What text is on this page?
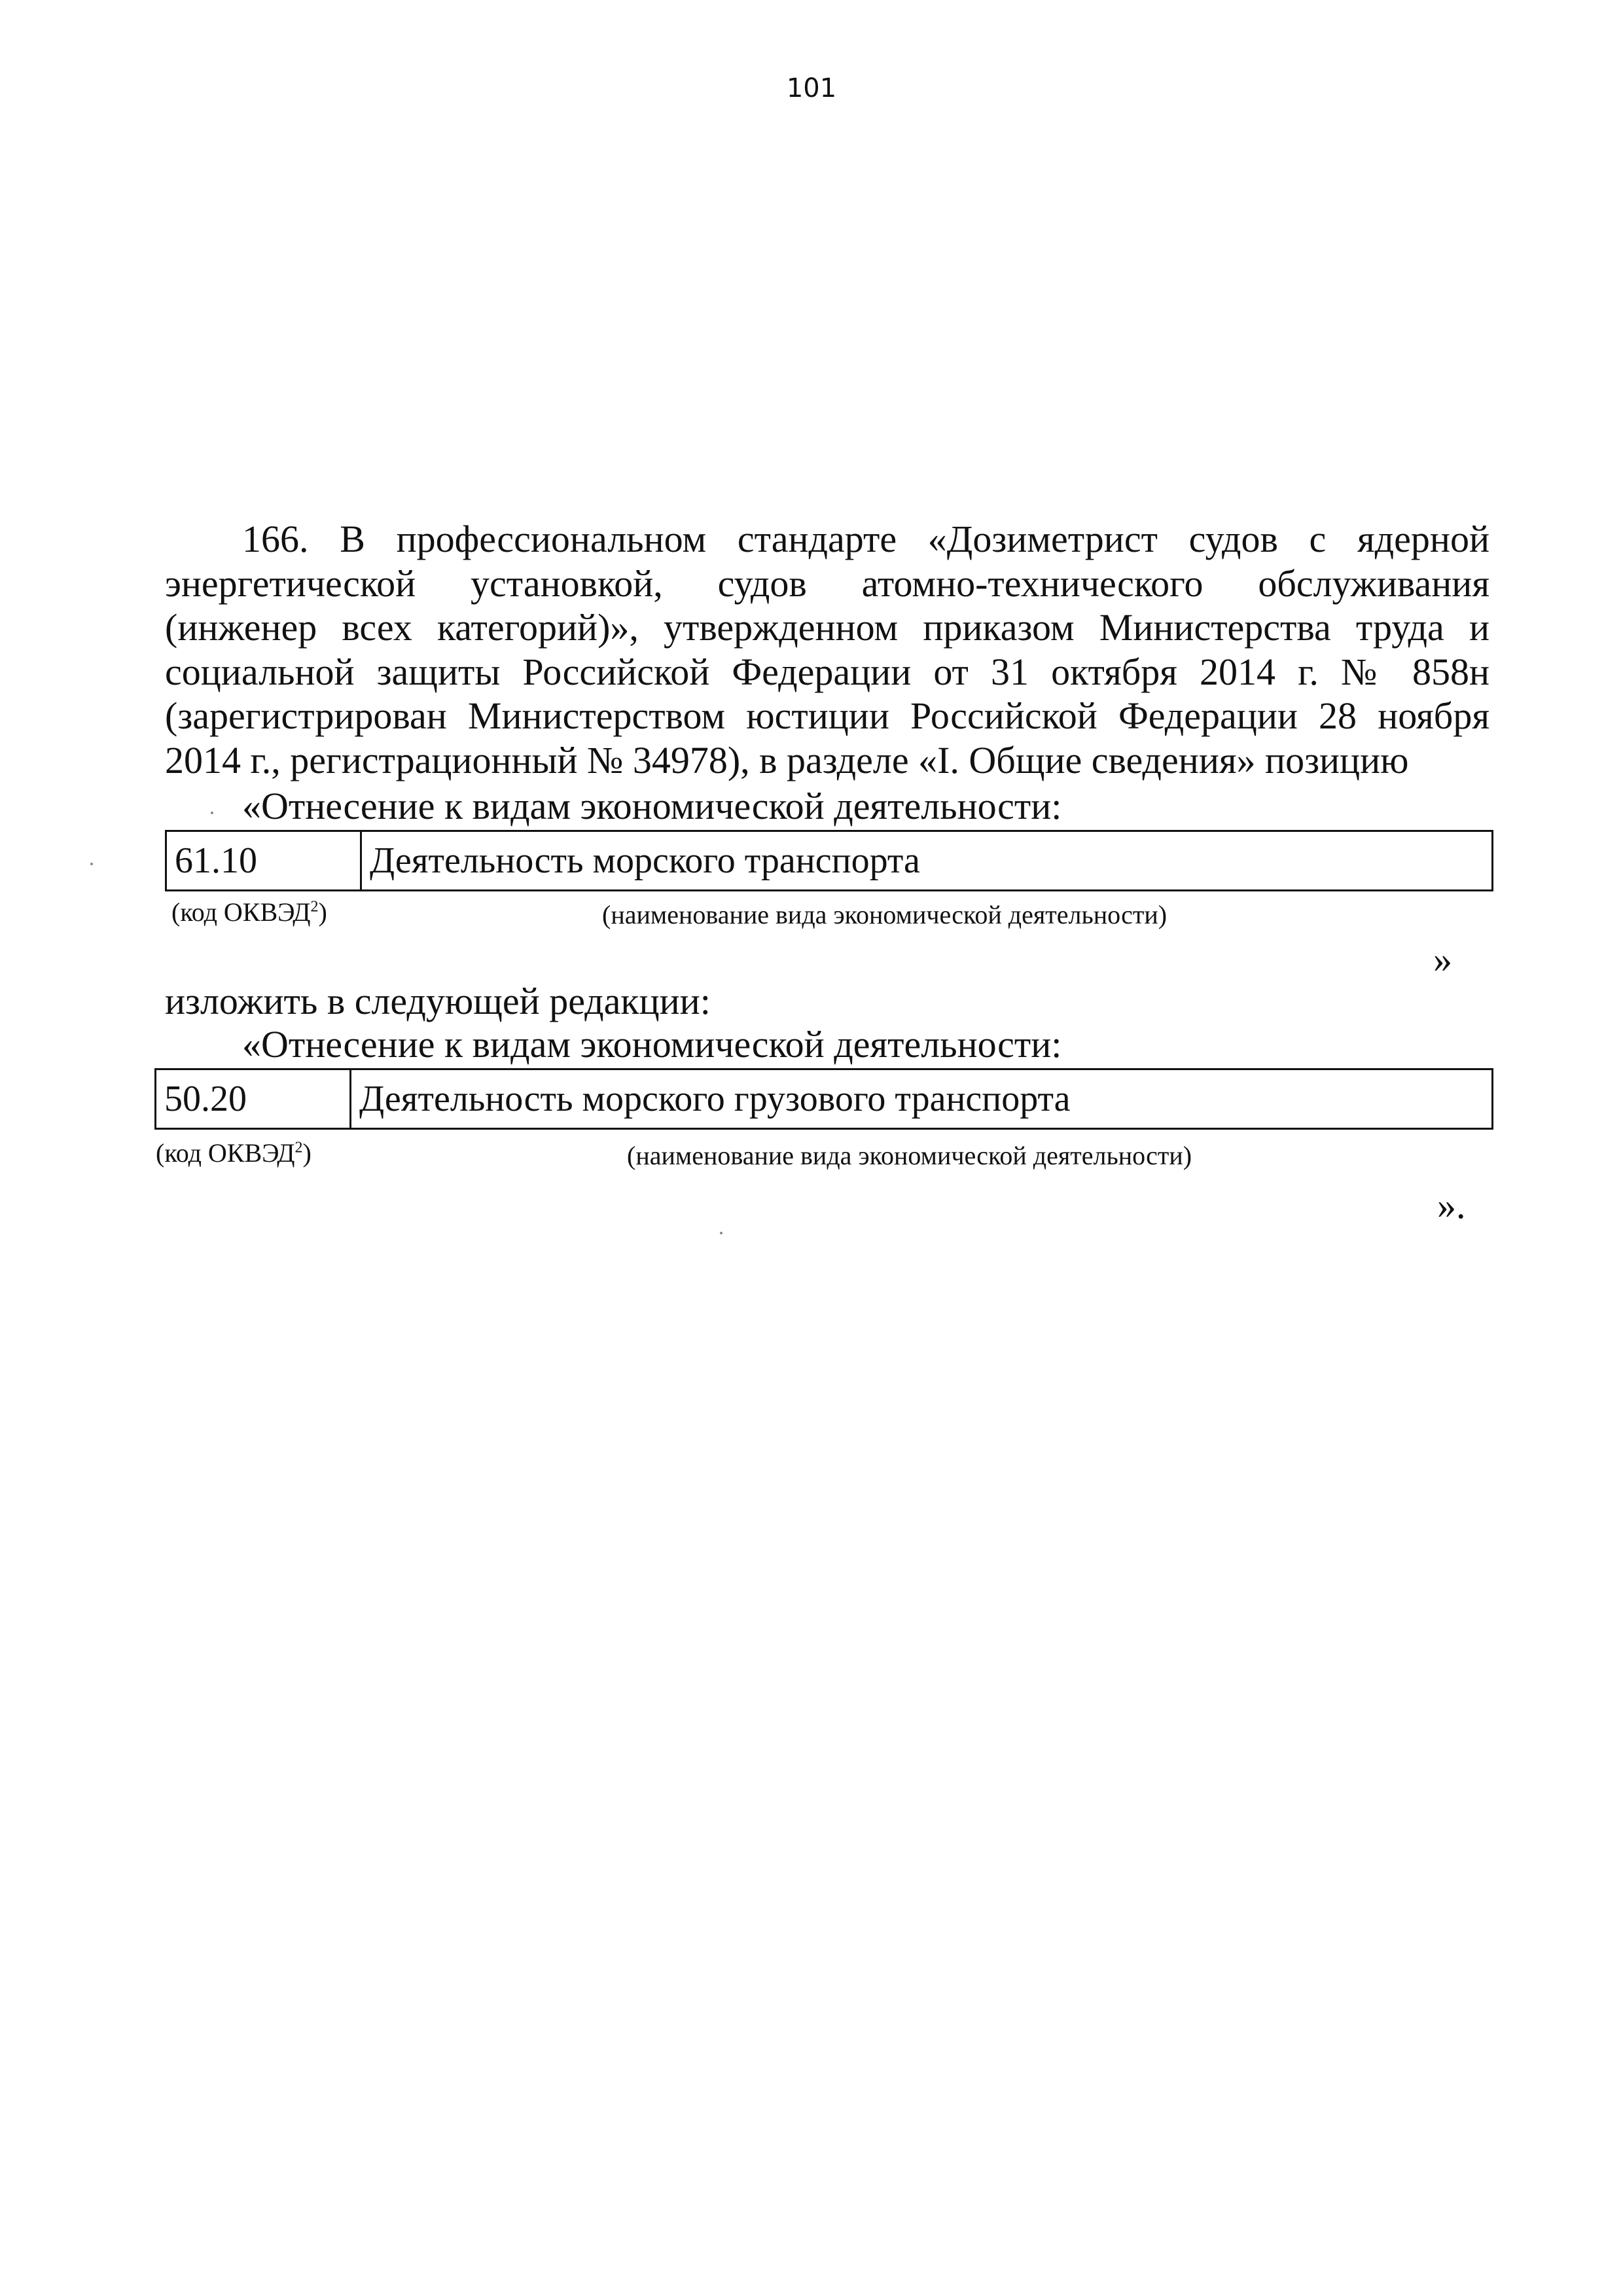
101
166. В профессиональном стандарте «Дозиметрист судов с ядерной
энергетической установкой, судов атомно-технического обслуживания
(инженер всех категорий)», утвержденном приказом Министерства труда и
социальной защиты Российской Федерации от 31 октября 2014 г. № 858н
(зарегистрирован Министерством юстиции Российской Федерации 28 ноября
2014 г., регистрационный № 34978), в разделе «I. Общие сведения» позицию
«Отнесение к видам экономической деятельности:
61.10	Деятельность морского транспорта
(код ОКВЭД$^2$)	(наименование вида экономической деятельности)
»
изложить в следующей редакции:
«Отнесение к видам экономической деятельности:
50.20	Деятельность морского грузового транспорта
(код ОКВЭД$^2$)	(наименование вида экономической деятельности)
».
